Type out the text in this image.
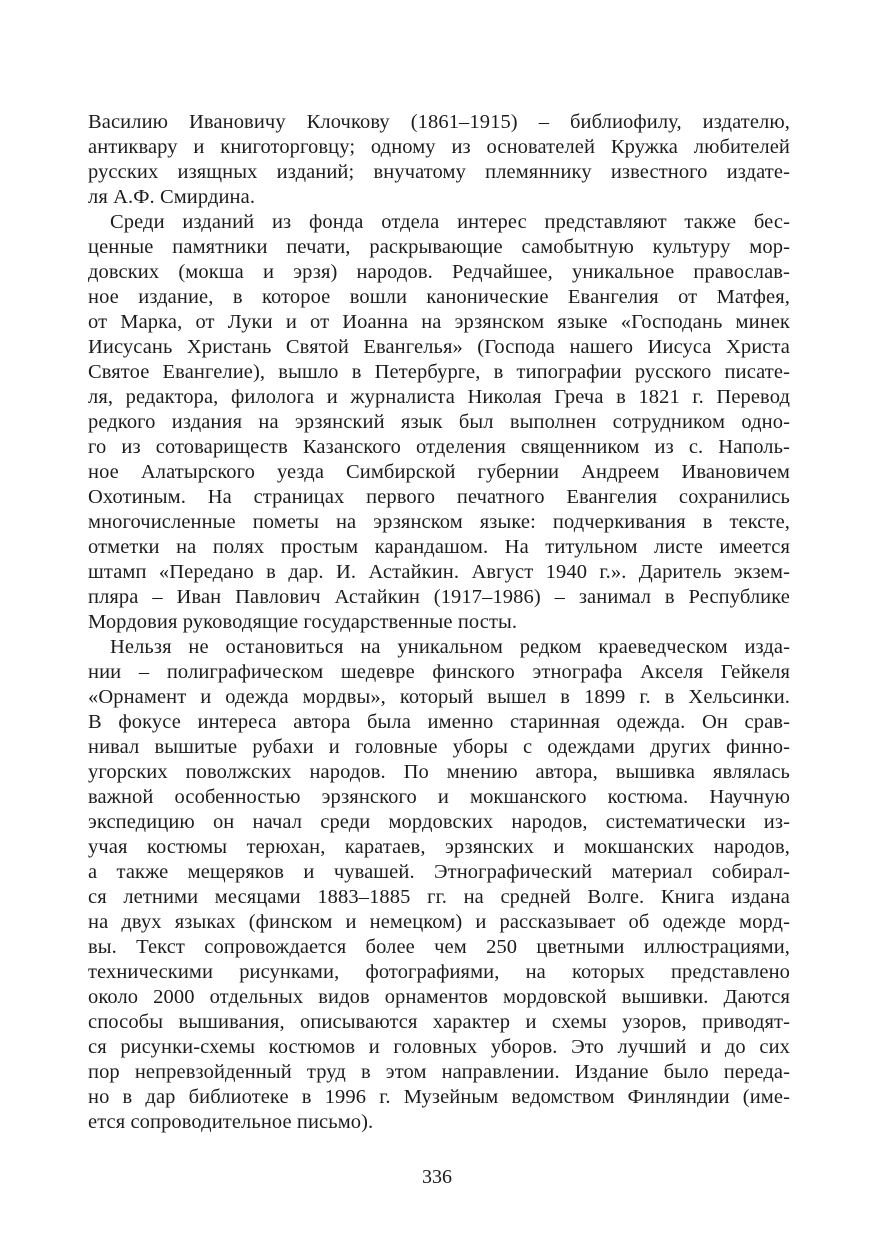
Василию Ивановичу Клочкову (1861–1915) – библиофилу, издателю,
антиквару и книготорговцу; одному из основателей Кружка любителей
русских изящных изданий; внучатому племяннику известного издате-
ля А.Ф. Смирдина.
Среди изданий из фонда отдела интерес представляют также бес-
ценные памятники печати, раскрывающие самобытную культуру мор-
довских (мокша и эрзя) народов. Редчайшее, уникальное православ-
ное издание, в которое вошли канонические Евангелия от Матфея,
от Марка, от Луки и от Иоанна на эрзянском языке «Господань минек
Иисусань Христань Святой Евангелья» (Господа нашего Иисуса Христа
Святое Евангелие), вышло в Петербурге, в типографии русского писате-
ля, редактора, филолога и журналиста Николая Греча в 1821 г. Перевод
редкого издания на эрзянский язык был выполнен сотрудником одно-
го из сотовариществ Казанского отделения священником из с. Наполь-
ное Алатырского уезда Симбирской губернии Андреем Ивановичем
Охотиным. На страницах первого печатного Евангелия сохранились
многочисленные пометы на эрзянском языке: подчеркивания в тексте,
отметки на полях простым карандашом. На титульном листе имеется
штамп «Передано в дар. И. Астайкин. Август 1940 г.». Даритель экзем-
пляра – Иван Павлович Астайкин (1917–1986) – занимал в Республике
Мордовия руководящие государственные посты.
Нельзя не остановиться на уникальном редком краеведческом изда-
нии – полиграфическом шедевре финского этнографа Акселя Гейкеля
«Орнамент и одежда мордвы», который вышел в 1899 г. в Хельсинки.
В фокусе интереса автора была именно старинная одежда. Он срав-
нивал вышитые рубахи и головные уборы с одеждами других финно-
угорских поволжских народов. По мнению автора, вышивка являлась
важной особенностью эрзянского и мокшанского костюма. Научную
экспедицию он начал среди мордовских народов, систематически из-
учая костюмы терюхан, каратаев, эрзянских и мокшанских народов,
а также мещеряков и чувашей. Этнографический материал собирал-
ся летними месяцами 1883–1885 гг. на средней Волге. Книга издана
на двух языках (финском и немецком) и рассказывает об одежде морд-
вы. Текст сопровождается более чем 250 цветными иллюстрациями,
техническими рисунками, фотографиями, на которых представлено
около 2000 отдельных видов орнаментов мордовской вышивки. Даются
способы вышивания, описываются характер и схемы узоров, приводят-
ся рисунки-схемы костюмов и головных уборов. Это лучший и до сих
пор непревзойденный труд в этом направлении. Издание было переда-
но в дар библиотеке в 1996 г. Музейным ведомством Финляндии (име-
ется сопроводительное письмо).
336
